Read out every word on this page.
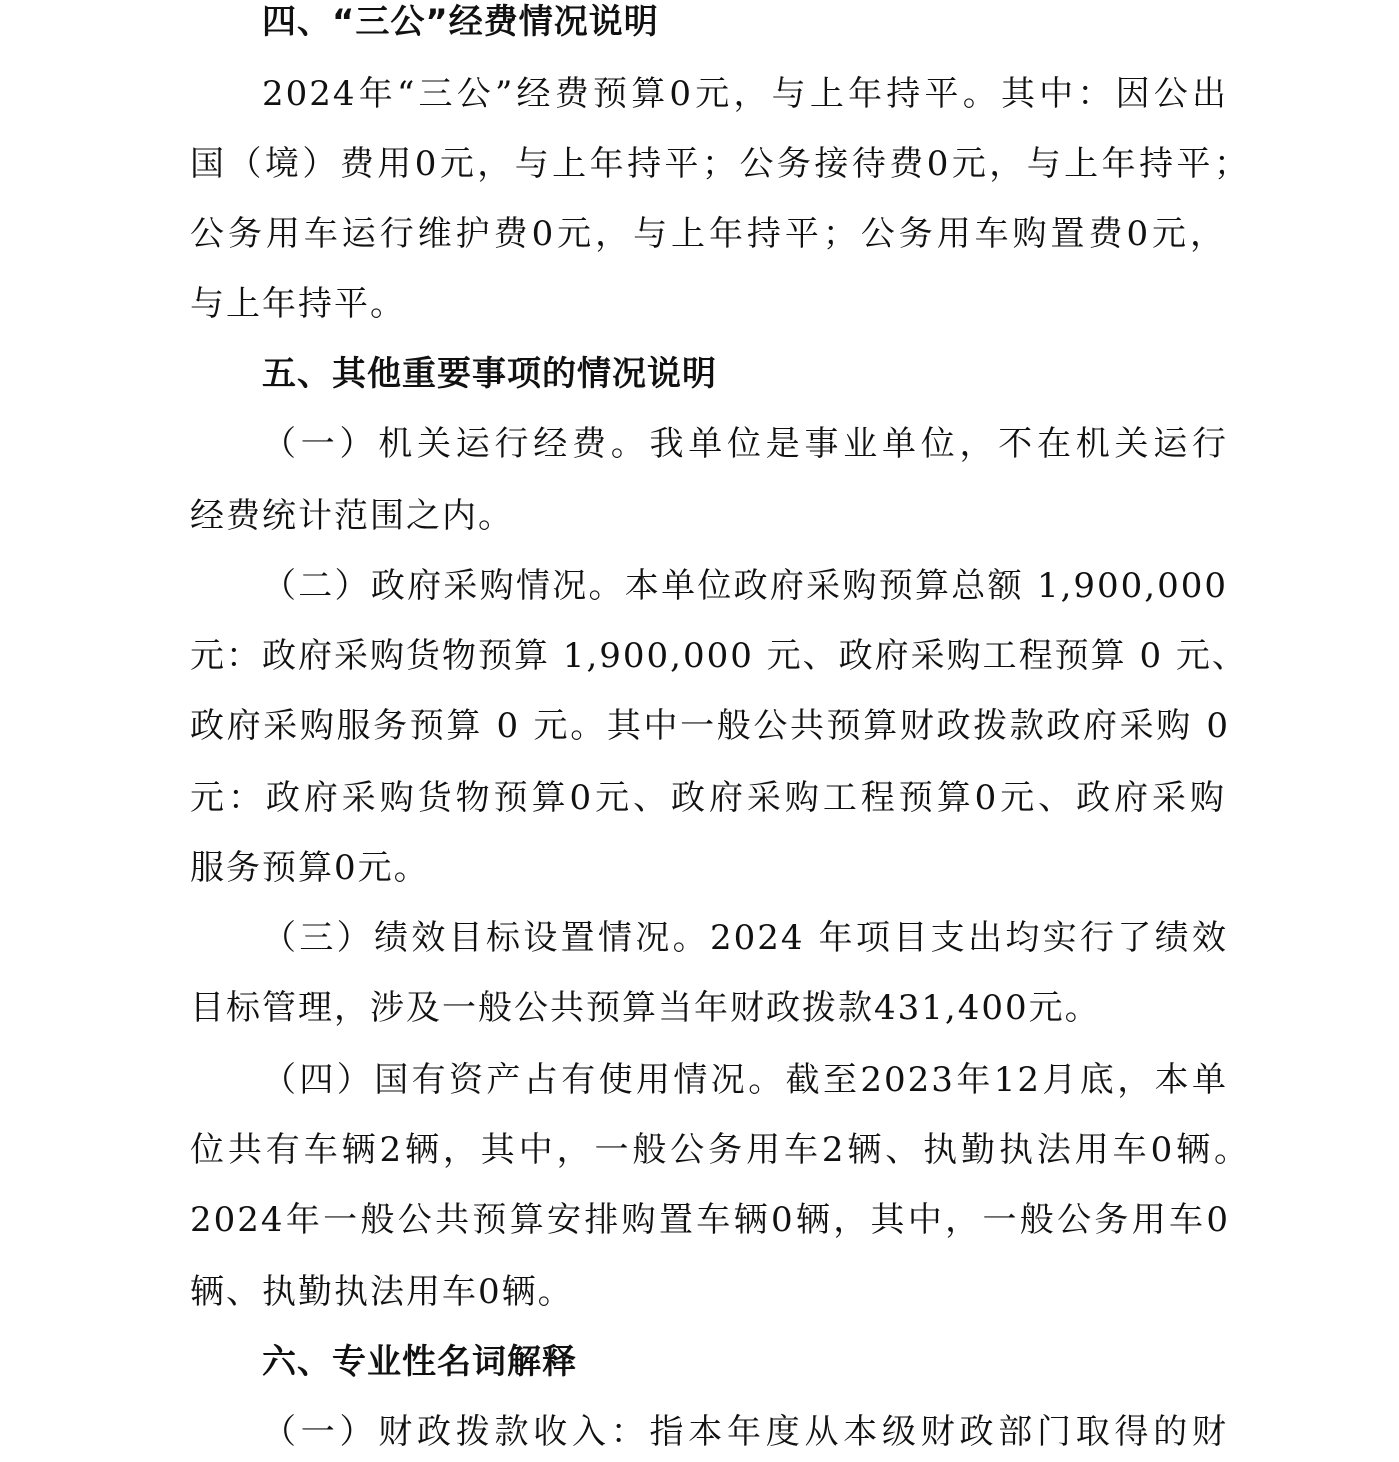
四、“三公”经费情况说明
2024年“三公”经费预算0元，与上年持平。其中：因公出
国（境）费用0元，与上年持平；公务接待费0元，与上年持平；
公务用车运行维护费0元，与上年持平；公务用车购置费0元，
与上年持平。
五、其他重要事项的情况说明
（一）机关运行经费。我单位是事业单位，不在机关运行
经费统计范围之内。
（二）政府采购情况。本单位政府采购预算总额 1,900,000
元：政府采购货物预算 1,900,000 元、政府采购工程预算 0 元、
政府采购服务预算 0 元。其中一般公共预算财政拨款政府采购 0
元：政府采购货物预算0元、政府采购工程预算0元、政府采购
服务预算0元。
（三）绩效目标设置情况。2024 年项目支出均实行了绩效
目标管理，涉及一般公共预算当年财政拨款431,400元。
（四）国有资产占有使用情况。截至2023年12月底，本单
位共有车辆2辆，其中，一般公务用车2辆、执勤执法用车0辆。
2024年一般公共预算安排购置车辆0辆，其中，一般公务用车0
辆、执勤执法用车0辆。
六、专业性名词解释
（一）财政拨款收入：指本年度从本级财政部门取得的财
